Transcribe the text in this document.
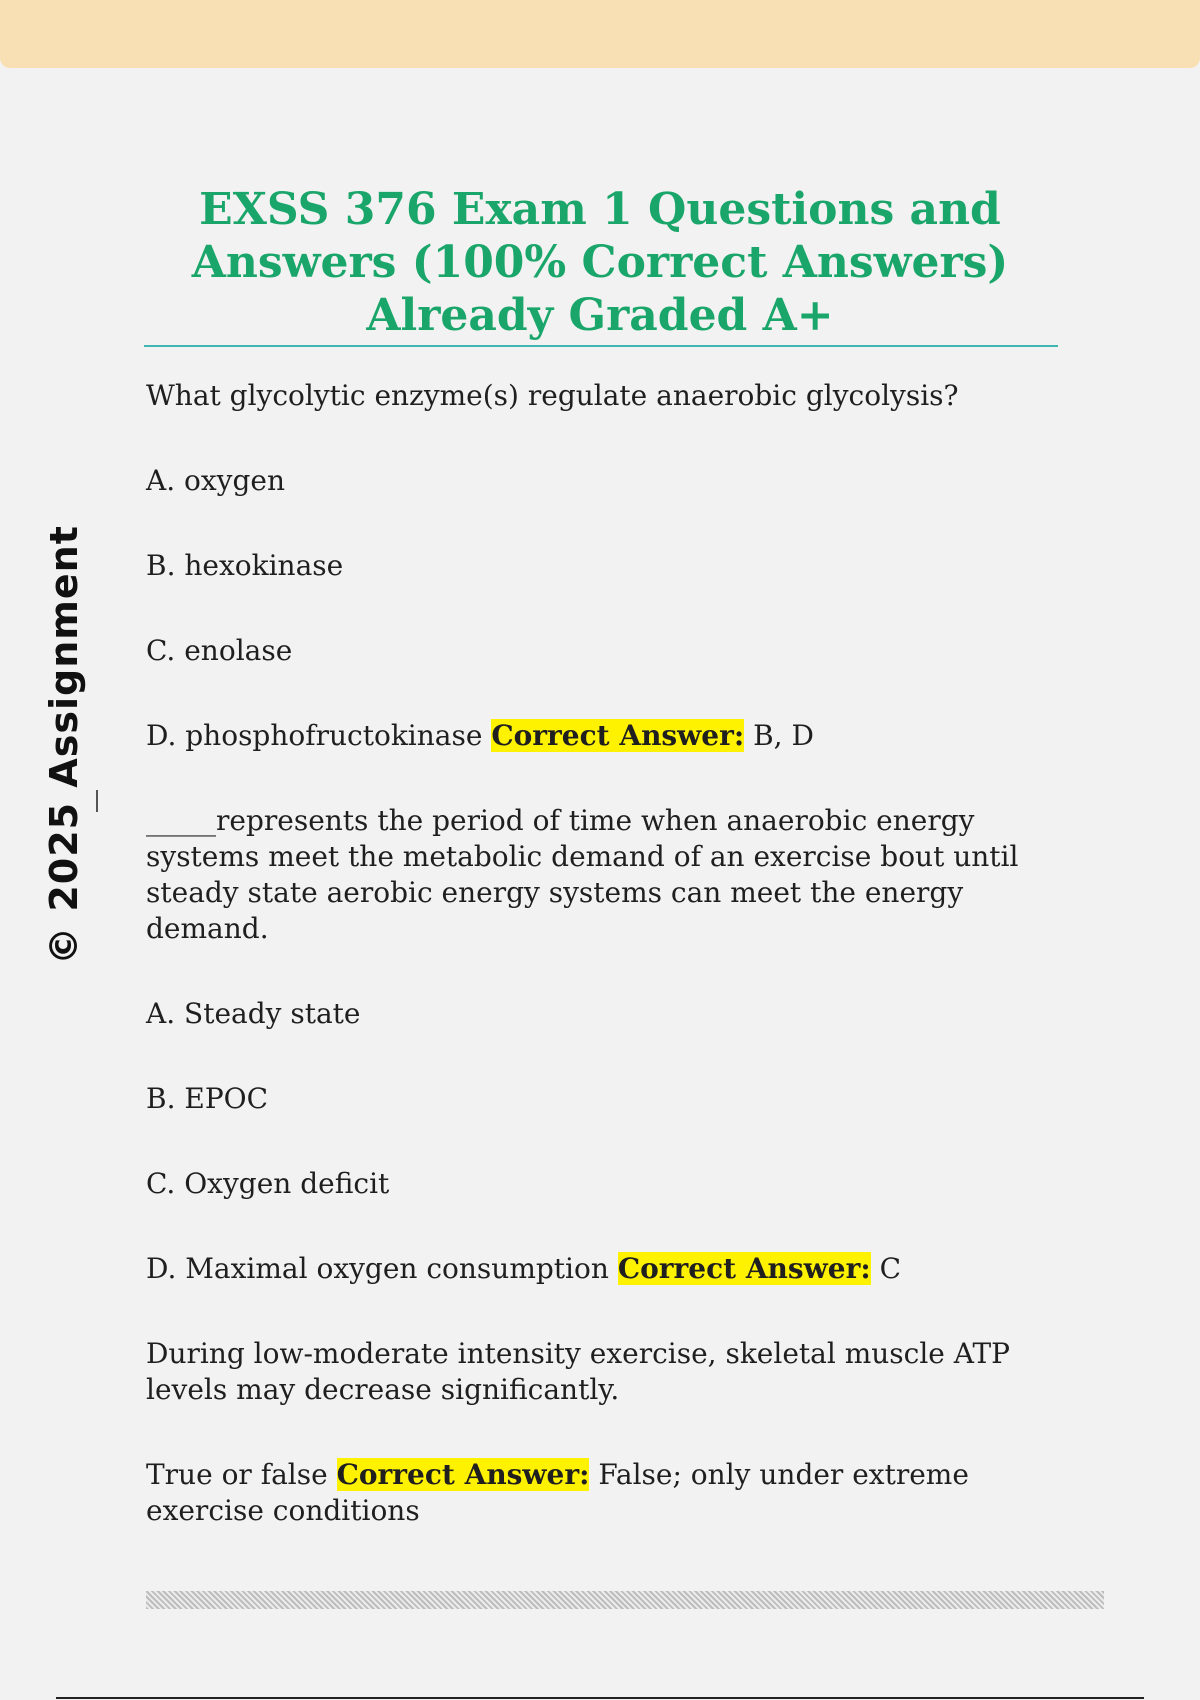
© 2025 Assignment
EXSS 376 Exam 1 Questions and Answers (100% Correct Answers) Already Graded A+

What glycolytic enzyme(s) regulate anaerobic glycolysis?

A. oxygen

B. hexokinase

C. enolase

D. phosphofructokinase Correct Answer: B, D

_____represents the period of time when anaerobic energy systems meet the metabolic demand of an exercise bout until steady state aerobic energy systems can meet the energy demand.

A. Steady state

B. EPOC

C. Oxygen deficit

D. Maximal oxygen consumption Correct Answer: C

During low-moderate intensity exercise, skeletal muscle ATP levels may decrease significantly.

True or false Correct Answer: False; only under extreme exercise conditions
